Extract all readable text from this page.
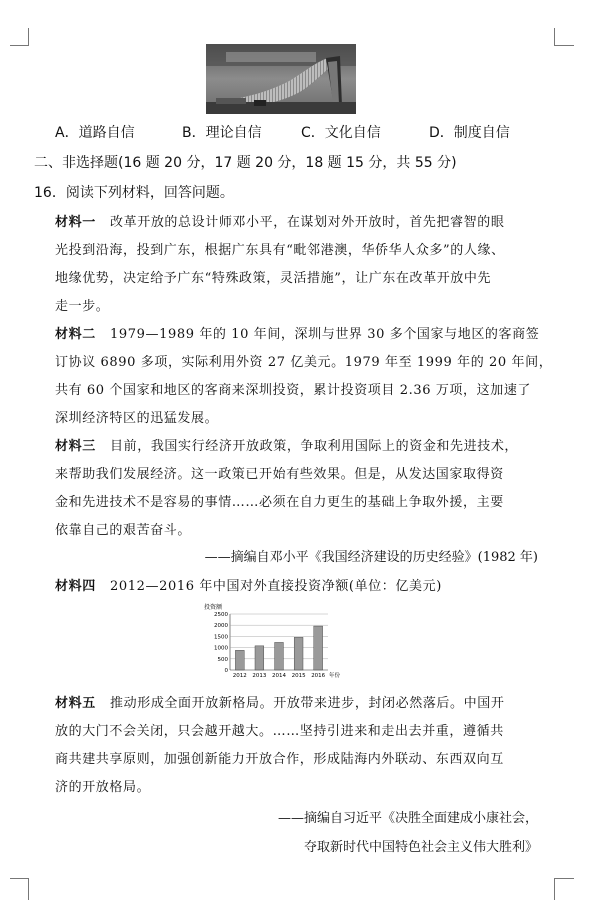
A．道路自信	B．理论自信	C．文化自信	D．制度自信
二、非选择题(16 题 20 分，17 题 20 分，18 题 15 分，共 55 分)
16．阅读下列材料，回答问题。
材料一 改革开放的总设计师邓小平，在谋划对外开放时，首先把睿智的眼
光投到沿海，投到广东，根据广东具有“毗邻港澳，华侨华人众多”的人缘、
地缘优势，决定给予广东“特殊政策，灵活措施”，让广东在改革开放中先
走一步。
材料二 1979—1989 年的 10 年间，深圳与世界 30 多个国家与地区的客商签
订协议 6890 多项，实际利用外资 27 亿美元。1979 年至 1999 年的 20 年间，
共有 60 个国家和地区的客商来深圳投资，累计投资项目 2.36 万项，这加速了
深圳经济特区的迅猛发展。
材料三 目前，我国实行经济开放政策，争取利用国际上的资金和先进技术，
来帮助我们发展经济。这一政策已开始有些效果。但是，从发达国家取得资
金和先进技术不是容易的事情……必须在自力更生的基础上争取外援，主要
依靠自己的艰苦奋斗。
——摘编自邓小平《我国经济建设的历史经验》(1982 年)
材料四 2012—2016 年中国对外直接投资净额(单位：亿美元)
投资额
0
500
1000
1500
2000
2500
2012 2013 2014 2015 2016 年份
材料五 推动形成全面开放新格局。开放带来进步，封闭必然落后。中国开
放的大门不会关闭，只会越开越大。……坚持引进来和走出去并重，遵循共
商共建共享原则，加强创新能力开放合作，形成陆海内外联动、东西双向互
济的开放格局。
——摘编自习近平《决胜全面建成小康社会，
夺取新时代中国特色社会主义伟大胜利》
